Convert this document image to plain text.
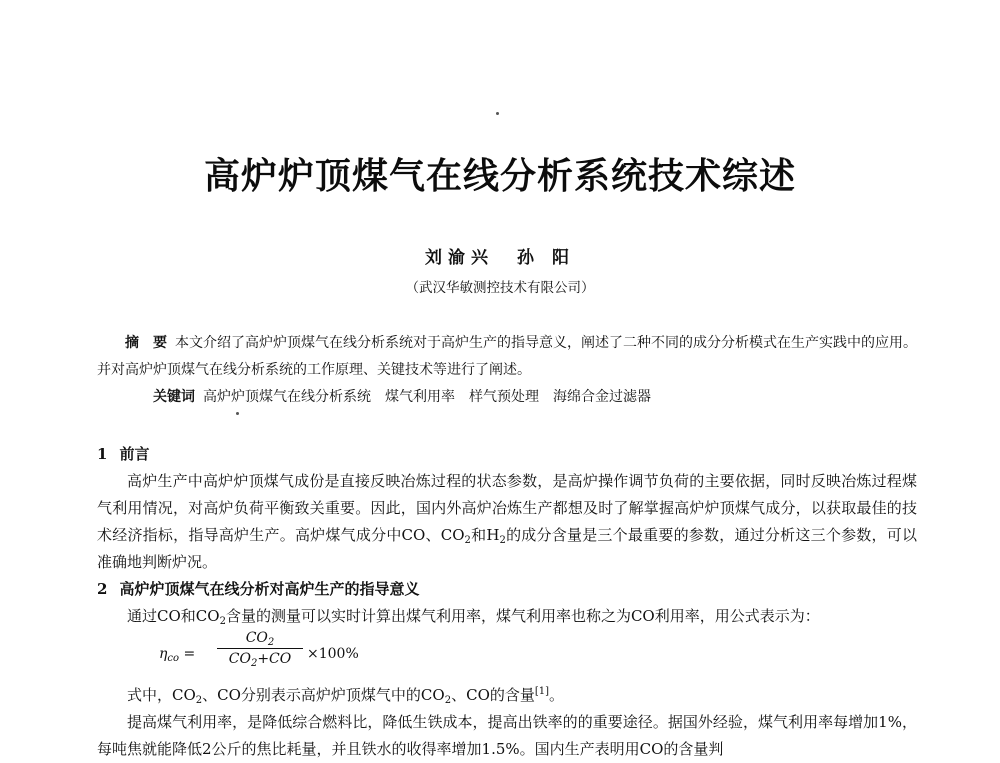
高炉炉顶煤气在线分析系统技术综述
刘渝兴　孙 阳
（武汉华敏测控技术有限公司）

摘　要 本文介绍了高炉炉顶煤气在线分析系统对于高炉生产的指导意义，阐述了二种不同的成分分析模式在生产实践中的应用。并对高炉炉顶煤气在线分析系统的工作原理、关键技术等进行了阐述。

关键词 高炉炉顶煤气在线分析系统 煤气利用率 样气预处理 海绵合金过滤器

1 前言

高炉生产中高炉炉顶煤气成份是直接反映冶炼过程的状态参数，是高炉操作调节负荷的主要依据，同时反映冶炼过程煤气利用情况，对高炉负荷平衡致关重要。因此，国内外高炉冶炼生产都想及时了解掌握高炉炉顶煤气成分，以获取最佳的技术经济指标，指导高炉生产。高炉煤气成分中CO、$CO_2$和$H_2$的成分含量是三个最重要的参数，通过分析这三个参数，可以准确地判断炉况。

2 高炉炉顶煤气在线分析对高炉生产的指导意义

通过CO和$CO_2$含量的测量可以实时计算出煤气利用率，煤气利用率也称之为CO利用率，用公式表示为：

$\eta_{co}$ =
$CO_2$
$CO_2+CO$	×100%

式中，$CO_2$、CO分别表示高炉炉顶煤气中的$CO_2$、CO的含量[1]。

提高煤气利用率，是降低综合燃料比，降低生铁成本，提高出铁率的的重要途径。据国外经验，煤气利用率每增加1%，每吨焦就能降低2公斤的焦比耗量，并且铁水的收得率增加1.5%。国内生产表明用CO的含量判
